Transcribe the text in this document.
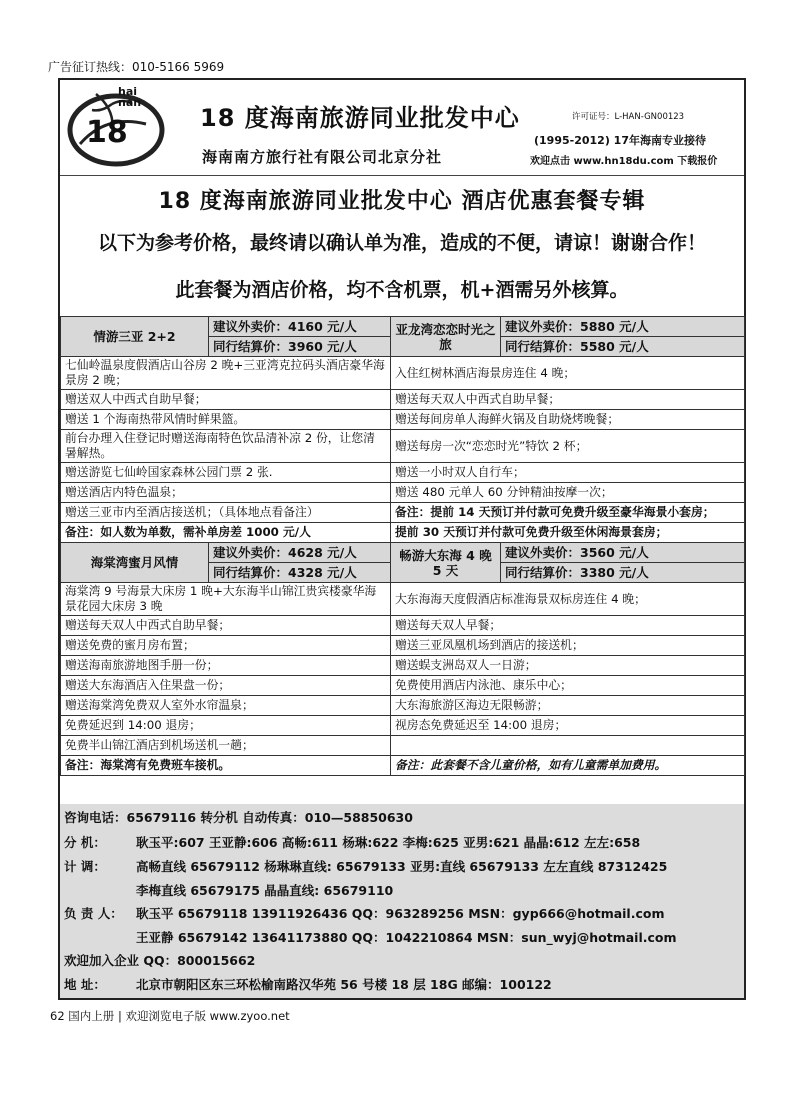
广告征订热线：010-5166 5969
18
hai
nan
18 度海南旅游同业批发中心	许可证号：L-HAN-GN00123
(1995-2012) 17年海南专业接待
海南南方旅行社有限公司北京分社	欢迎点击 www.hn18du.com 下载报价
18 度海南旅游同业批发中心 酒店优惠套餐专辑
以下为参考价格，最终请以确认单为准，造成的不便，请谅！谢谢合作！
此套餐为酒店价格，均不含机票，机+酒需另外核算。
情游三亚 2+2	建议外卖价：4160 元/人	亚龙湾恋恋时光之旅	建议外卖价：5880 元/人
	同行结算价：3960 元/人		同行结算价：5580 元/人
七仙岭温泉度假酒店山谷房 2 晚+三亚湾克拉码头酒店豪华海景房 2 晚；		入住红树林酒店海景房连住 4 晚；	
赠送双人中西式自助早餐；		赠送每天双人中西式自助早餐；	
赠送 1 个海南热带风情时鲜果篮。		赠送每间房单人海鲜火锅及自助烧烤晚餐；	
前台办理入住登记时赠送海南特色饮品清补凉 2 份，让您清暑解热。		赠送每房一次“恋恋时光”特饮 2 杯；	
赠送游览七仙岭国家森林公园门票 2 张.		赠送一小时双人自行车；	
赠送酒店内特色温泉；		赠送 480 元单人 60 分钟精油按摩一次；	
赠送三亚市内至酒店接送机；（具体地点看备注）		备注：提前 14 天预订并付款可免费升级至豪华海景小套房；	
备注：如人数为单数，需补单房差 1000 元/人		提前 30 天预订并付款可免费升级至休闲海景套房；	
海棠湾蜜月风情	建议外卖价：4628 元/人	畅游大东海 4 晚 5 天	建议外卖价：3560 元/人
	同行结算价：4328 元/人		同行结算价：3380 元/人
海棠湾 9 号海景大床房 1 晚+大东海半山锦江贵宾楼豪华海景花园大床房 3 晚		大东海海天度假酒店标准海景双标房连住 4 晚；	
赠送每天双人中西式自助早餐；		赠送每天双人早餐；	
赠送免费的蜜月房布置；		赠送三亚凤凰机场到酒店的接送机；	
赠送海南旅游地图手册一份；		赠送蜈支洲岛双人一日游；	
赠送大东海酒店入住果盘一份；		免费使用酒店内泳池、康乐中心；	
赠送海棠湾免费双人室外水帘温泉；		大东海旅游区海边无限畅游；	
免费延迟到 14:00 退房；		视房态免费延迟至 14:00 退房；	
免费半山锦江酒店到机场送机一趟；			
备注：海棠湾有免费班车接机。		备注：此套餐不含儿童价格，如有儿童需单加费用。	
咨询电话：65679116 转分机 自动传真：010—58850630
分 机： 耿玉平:607 王亚静:606 高畅:611 杨琳:622 李梅:625 亚男:621 晶晶:612 左左:658
计 调： 高畅直线 65679112 杨琳琳直线: 65679133 亚男:直线 65679133 左左直线 87312425
李梅直线 65679175 晶晶直线: 65679110
负 责 人： 耿玉平 65679118 13911926436 QQ：963289256 MSN：gyp666@hotmail.com
王亚静 65679142 13641173880 QQ：1042210864 MSN：sun_wyj@hotmail.com
欢迎加入企业 QQ：800015662
地 址： 北京市朝阳区东三环松榆南路汉华苑 56 号楼 18 层 18G 邮编：100122
62 国内上册 | 欢迎浏览电子版 www.zyoo.net
